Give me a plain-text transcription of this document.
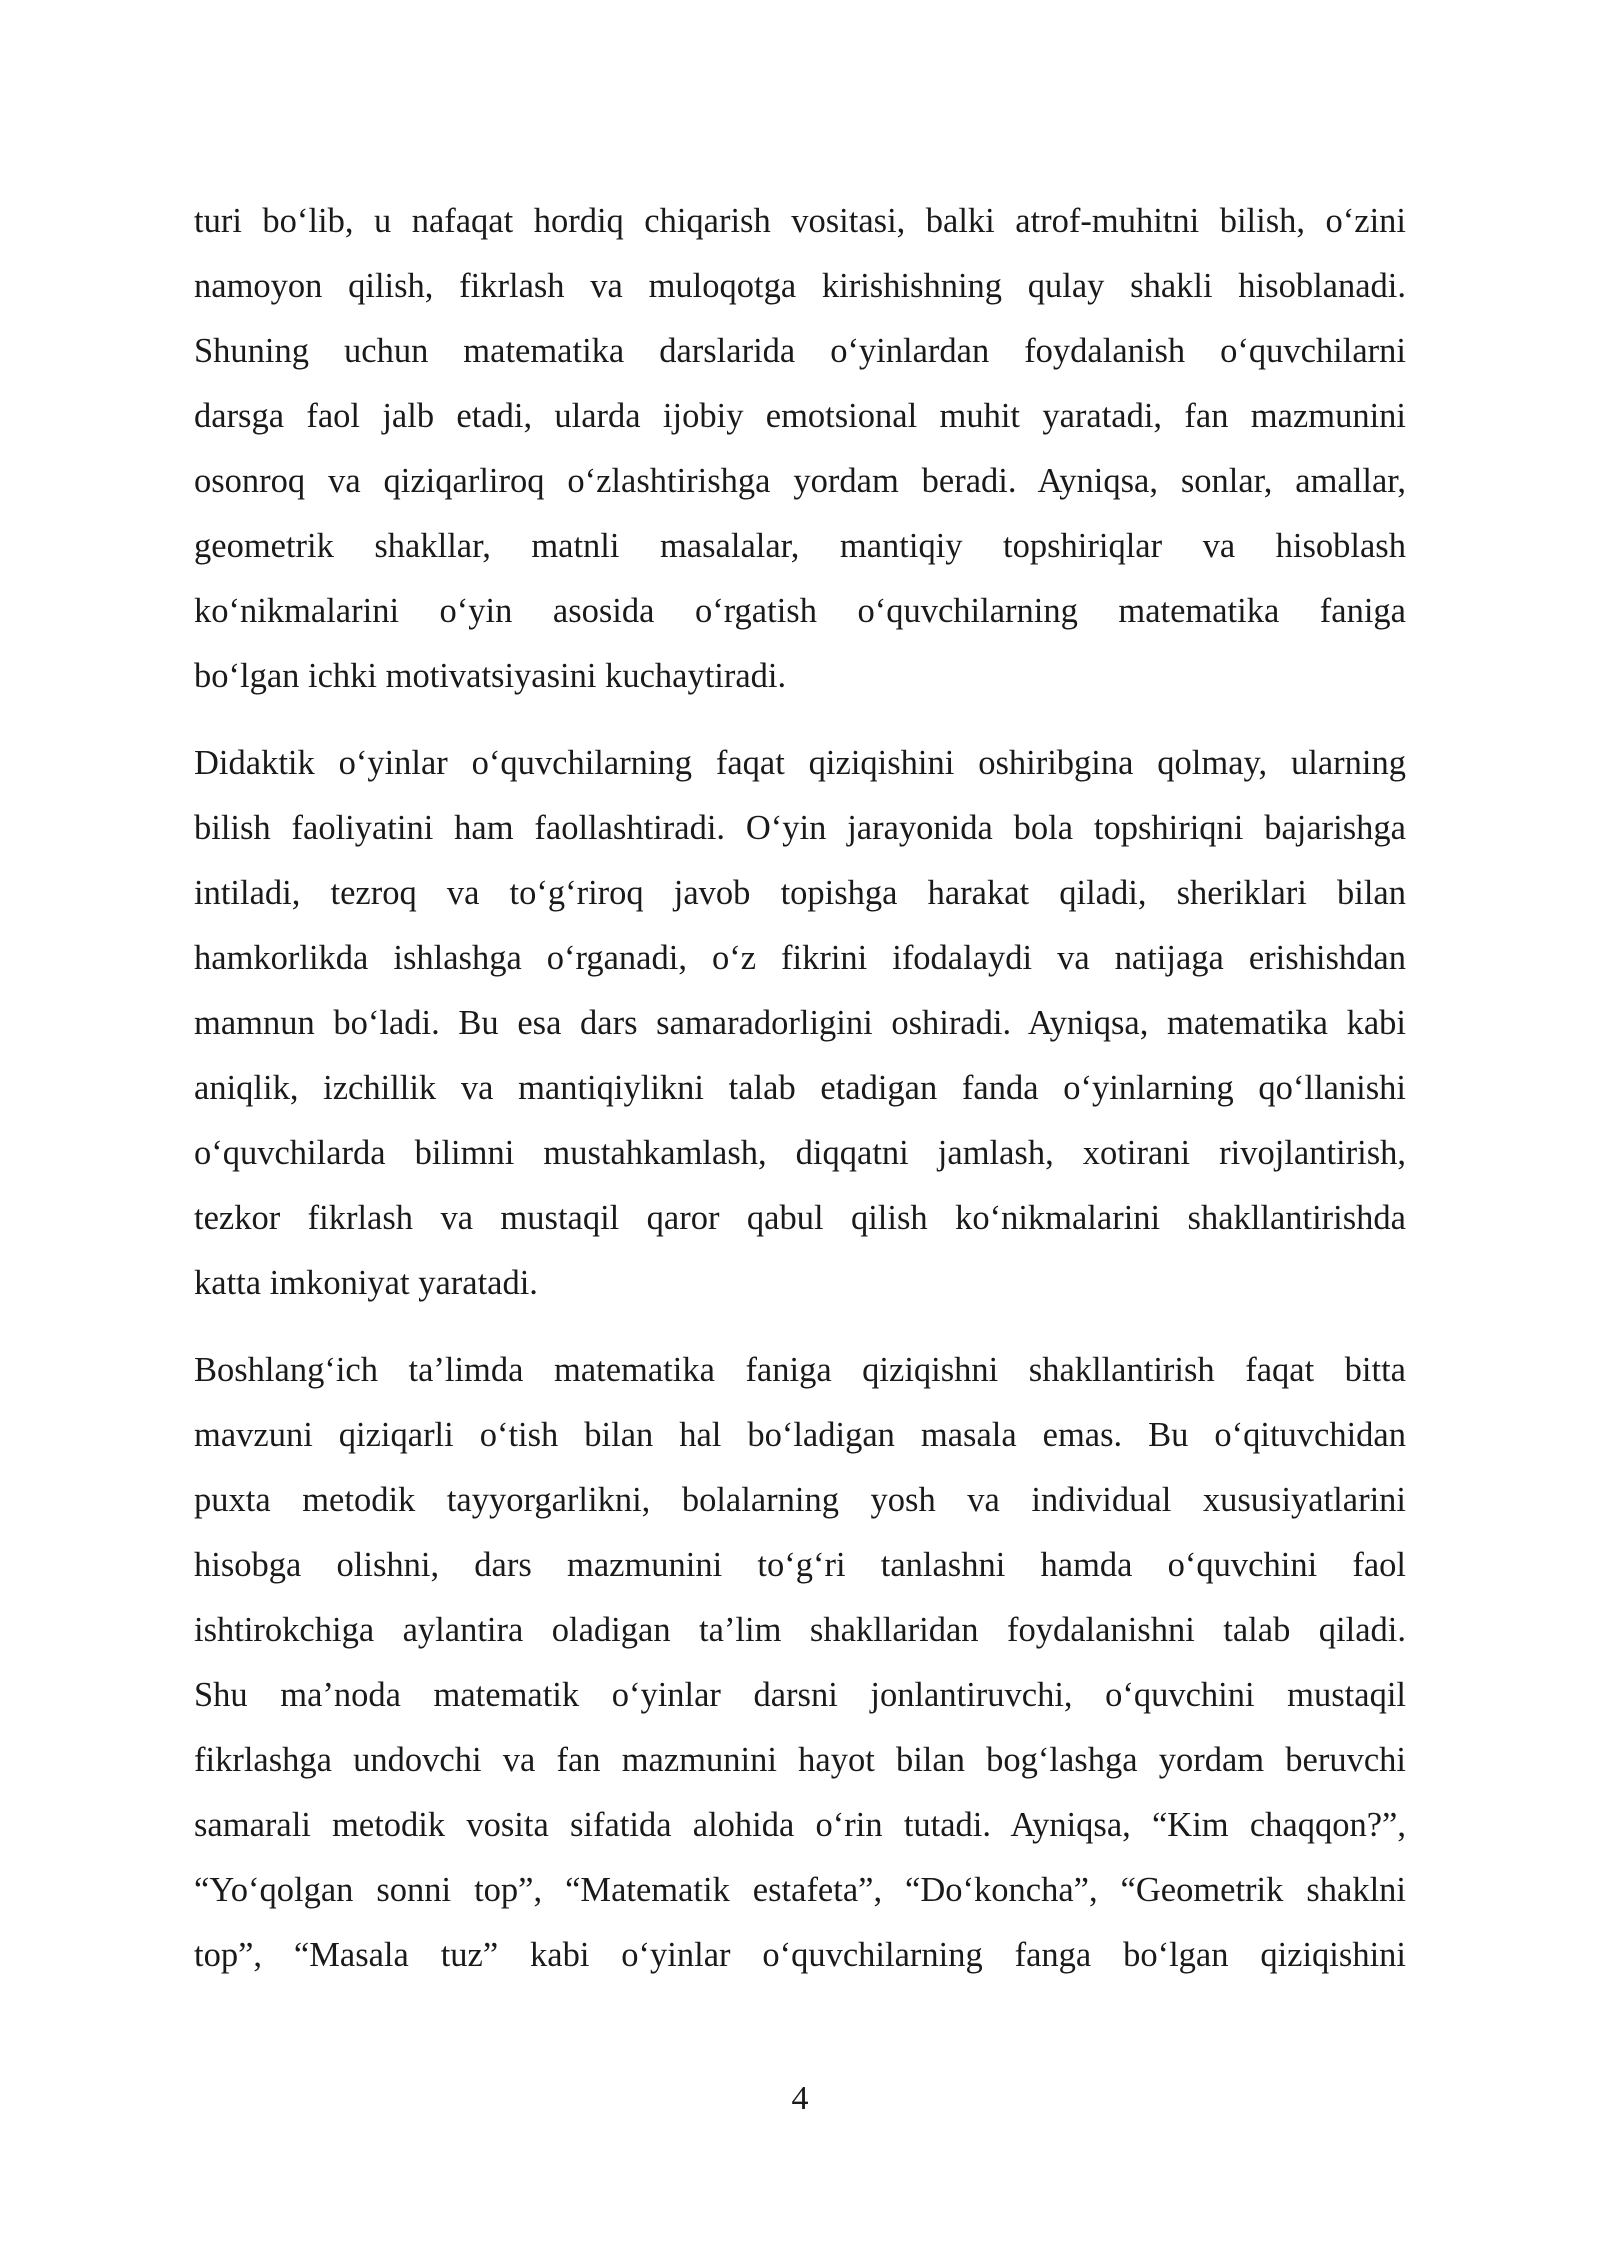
turi bo‘lib, u nafaqat hordiq chiqarish vositasi, balki atrof-muhitni bilish, o‘zini
namoyon qilish, fikrlash va muloqotga kirishishning qulay shakli hisoblanadi.
Shuning uchun matematika darslarida o‘yinlardan foydalanish o‘quvchilarni
darsga faol jalb etadi, ularda ijobiy emotsional muhit yaratadi, fan mazmunini
osonroq va qiziqarliroq o‘zlashtirishga yordam beradi. Ayniqsa, sonlar, amallar,
geometrik shakllar, matnli masalalar, mantiqiy topshiriqlar va hisoblash
ko‘nikmalarini o‘yin asosida o‘rgatish o‘quvchilarning matematika faniga
bo‘lgan ichki motivatsiyasini kuchaytiradi.
Didaktik o‘yinlar o‘quvchilarning faqat qiziqishini oshiribgina qolmay, ularning
bilish faoliyatini ham faollashtiradi. O‘yin jarayonida bola topshiriqni bajarishga
intiladi, tezroq va to‘g‘riroq javob topishga harakat qiladi, sheriklari bilan
hamkorlikda ishlashga o‘rganadi, o‘z fikrini ifodalaydi va natijaga erishishdan
mamnun bo‘ladi. Bu esa dars samaradorligini oshiradi. Ayniqsa, matematika kabi
aniqlik, izchillik va mantiqiylikni talab etadigan fanda o‘yinlarning qo‘llanishi
o‘quvchilarda bilimni mustahkamlash, diqqatni jamlash, xotirani rivojlantirish,
tezkor fikrlash va mustaqil qaror qabul qilish ko‘nikmalarini shakllantirishda
katta imkoniyat yaratadi.
Boshlang‘ich ta’limda matematika faniga qiziqishni shakllantirish faqat bitta
mavzuni qiziqarli o‘tish bilan hal bo‘ladigan masala emas. Bu o‘qituvchidan
puxta metodik tayyorgarlikni, bolalarning yosh va individual xususiyatlarini
hisobga olishni, dars mazmunini to‘g‘ri tanlashni hamda o‘quvchini faol
ishtirokchiga aylantira oladigan ta’lim shakllaridan foydalanishni talab qiladi.
Shu ma’noda matematik o‘yinlar darsni jonlantiruvchi, o‘quvchini mustaqil
fikrlashga undovchi va fan mazmunini hayot bilan bog‘lashga yordam beruvchi
samarali metodik vosita sifatida alohida o‘rin tutadi. Ayniqsa, “Kim chaqqon?”,
“Yo‘qolgan sonni top”, “Matematik estafeta”, “Do‘koncha”, “Geometrik shaklni
top”, “Masala tuz” kabi o‘yinlar o‘quvchilarning fanga bo‘lgan qiziqishini
4
